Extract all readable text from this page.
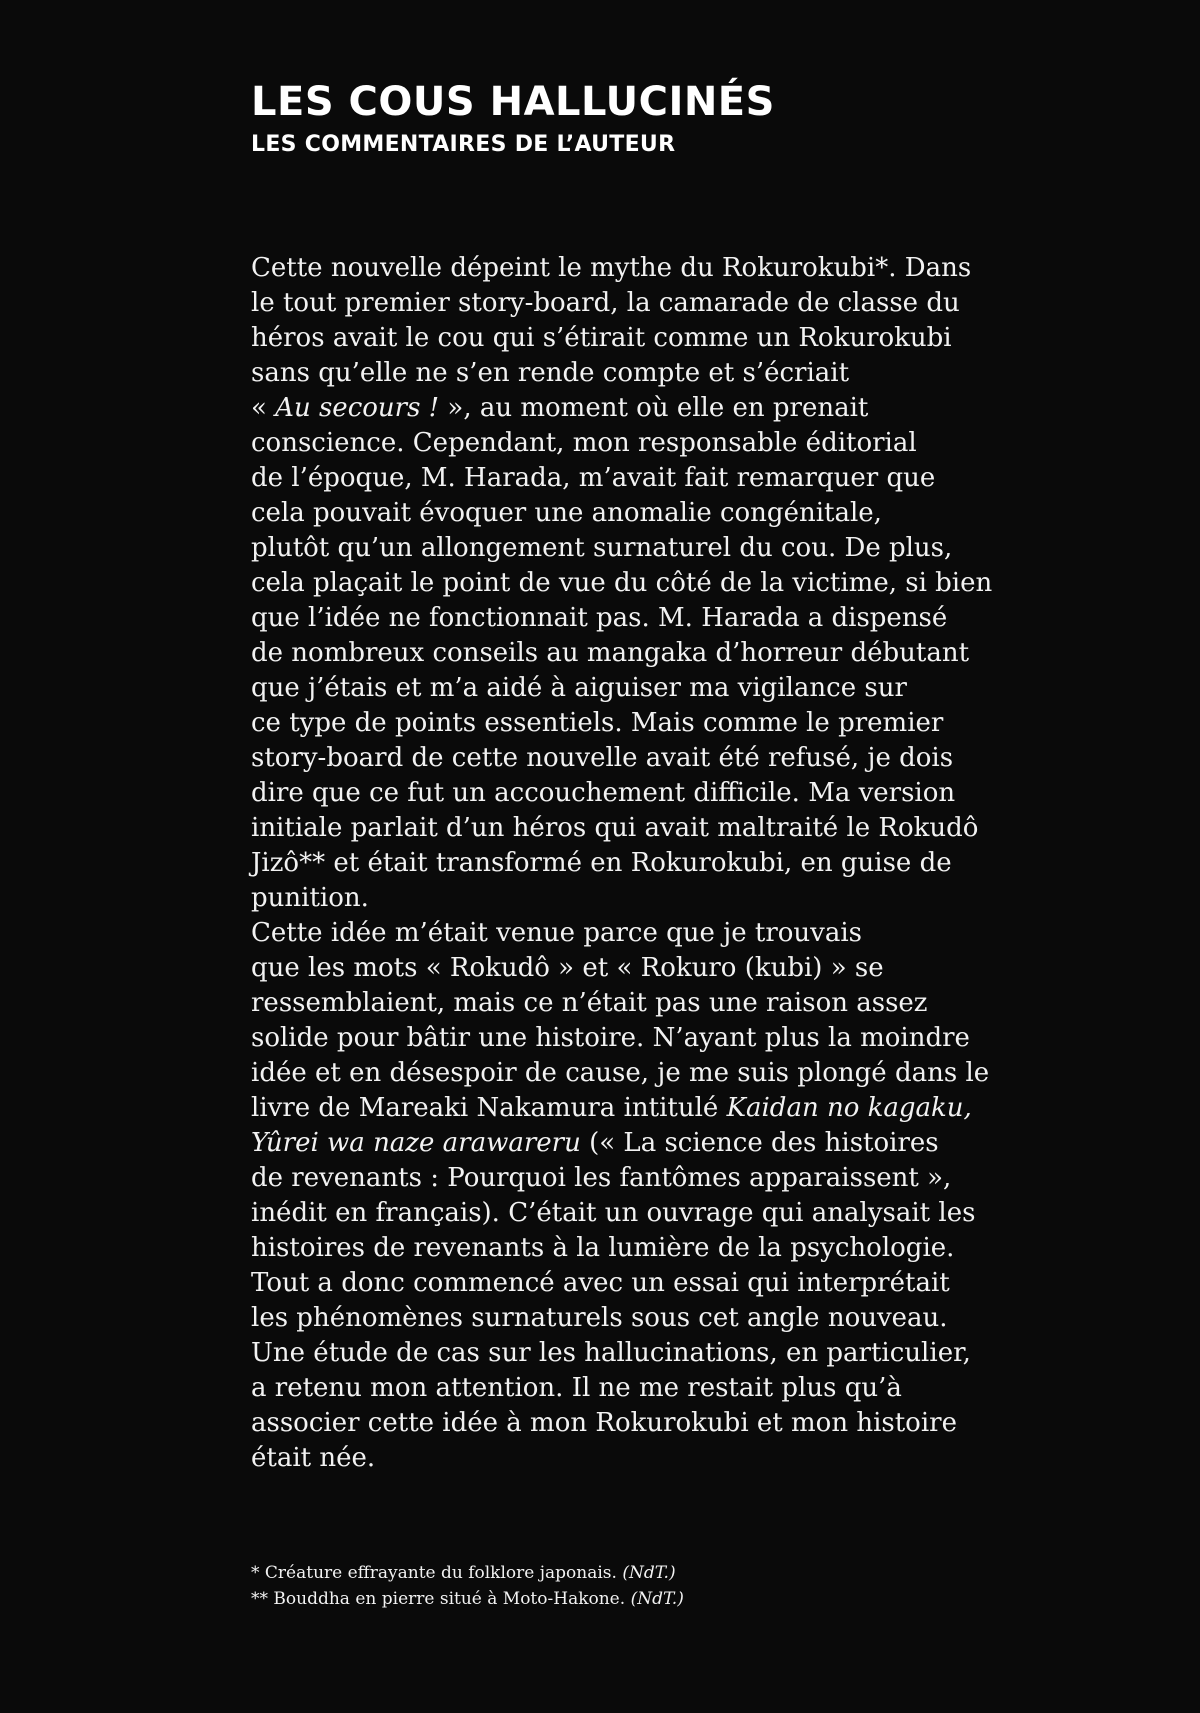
LES COUS HALLUCINÉS
LES COMMENTAIRES DE L’AUTEUR
Cette nouvelle dépeint le mythe du Rokurokubi*. Dans
le tout premier story-board, la camarade de classe du
héros avait le cou qui s’étirait comme un Rokurokubi
sans qu’elle ne s’en rende compte et s’écriait
« Au secours ! », au moment où elle en prenait
conscience. Cependant, mon responsable éditorial
de l’époque, M. Harada, m’avait fait remarquer que
cela pouvait évoquer une anomalie congénitale,
plutôt qu’un allongement surnaturel du cou. De plus,
cela plaçait le point de vue du côté de la victime, si bien
que l’idée ne fonctionnait pas. M. Harada a dispensé
de nombreux conseils au mangaka d’horreur débutant
que j’étais et m’a aidé à aiguiser ma vigilance sur
ce type de points essentiels. Mais comme le premier
story-board de cette nouvelle avait été refusé, je dois
dire que ce fut un accouchement difficile. Ma version
initiale parlait d’un héros qui avait maltraité le Rokudô
Jizô** et était transformé en Rokurokubi, en guise de
punition.
Cette idée m’était venue parce que je trouvais
que les mots « Rokudô » et « Rokuro (kubi) » se
ressemblaient, mais ce n’était pas une raison assez
solide pour bâtir une histoire. N’ayant plus la moindre
idée et en désespoir de cause, je me suis plongé dans le
livre de Mareaki Nakamura intitulé Kaidan no kagaku,
Yûrei wa naze arawareru (« La science des histoires
de revenants : Pourquoi les fantômes apparaissent »,
inédit en français). C’était un ouvrage qui analysait les
histoires de revenants à la lumière de la psychologie.
Tout a donc commencé avec un essai qui interprétait
les phénomènes surnaturels sous cet angle nouveau.
Une étude de cas sur les hallucinations, en particulier,
a retenu mon attention. Il ne me restait plus qu’à
associer cette idée à mon Rokurokubi et mon histoire
était née.
* Créature effrayante du folklore japonais. (NdT.)
** Bouddha en pierre situé à Moto-Hakone. (NdT.)
